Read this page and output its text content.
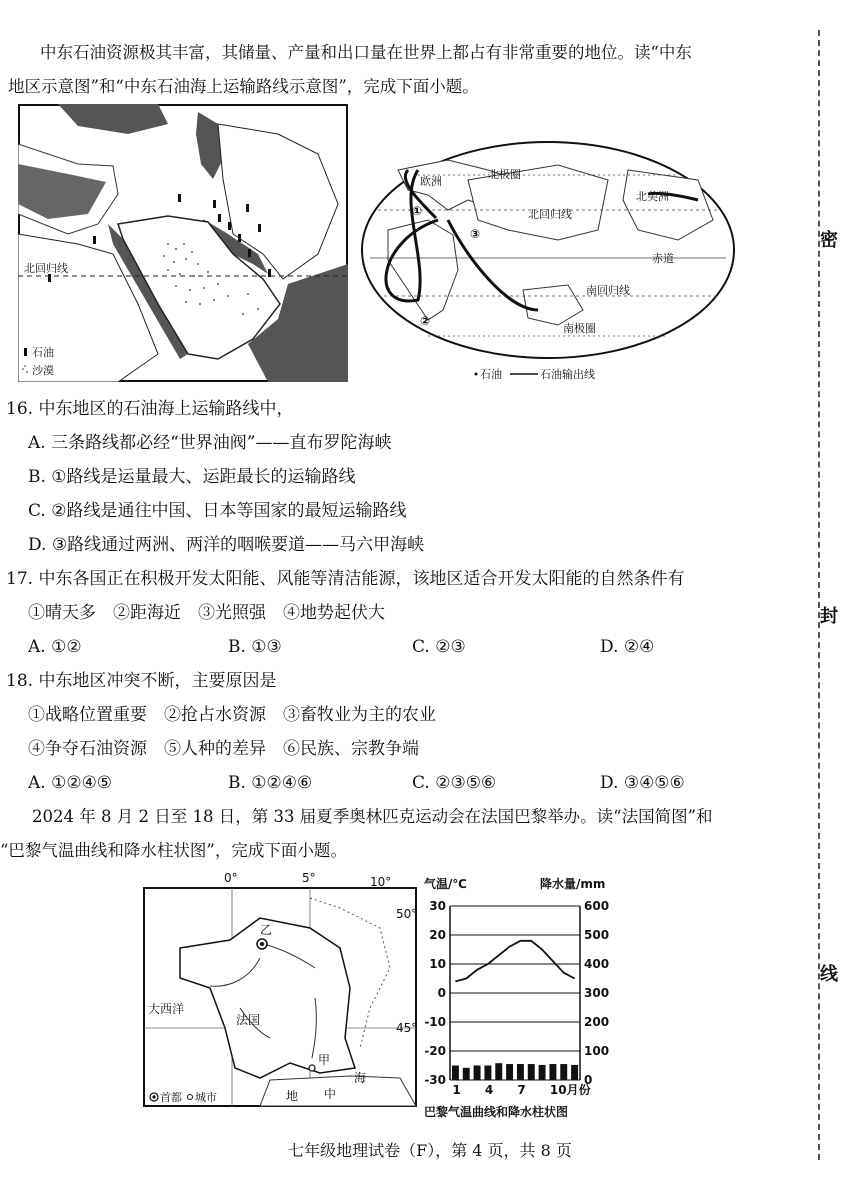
密
封
线
中东石油资源极其丰富，其储量、产量和出口量在世界上都占有非常重要的地位。读“中东
地区示意图”和“中东石油海上运输路线示意图”，完成下面小题。
北回归线
石油
沙漠
欧洲
北极圈
北美洲
北回归线
赤道
南回归线
南极圈
①
②
③
石油	石油输出线
16. 中东地区的石油海上运输路线中，
A. 三条路线都必经“世界油阀”——直布罗陀海峡
B. ①路线是运量最大、运距最长的运输路线
C. ②路线是通往中国、日本等国家的最短运输路线
D. ③路线通过两洲、两洋的咽喉要道——马六甲海峡
17. 中东各国正在积极开发太阳能、风能等清洁能源，该地区适合开发太阳能的自然条件有
①晴天多　②距海近　③光照强　④地势起伏大
A. ①②	B. ①③	C. ②③	D. ②④
18. 中东地区冲突不断，主要原因是
①战略位置重要　②抢占水资源　③畜牧业为主的农业
④争夺石油资源　⑤人种的差异　⑥民族、宗教争端
A. ①②④⑤	B. ①②④⑥	C. ②③⑤⑥	D. ③④⑤⑥
2024 年 8 月 2 日至 18 日，第 33 届夏季奥林匹克运动会在法国巴黎举办。读“法国简图”和
“巴黎气温曲线和降水柱状图”，完成下面小题。
0°	5°	10°
50°
45°
乙
甲
大西洋
法国
地 中
海
首都 城市
气温/℃	降水量/mm
30	600
20	500
10	400
0	300
-10	200
-20	100
-30	0
1 4 7 10月份
巴黎气温曲线和降水柱状图
七年级地理试卷（F），第 4 页，共 8 页
